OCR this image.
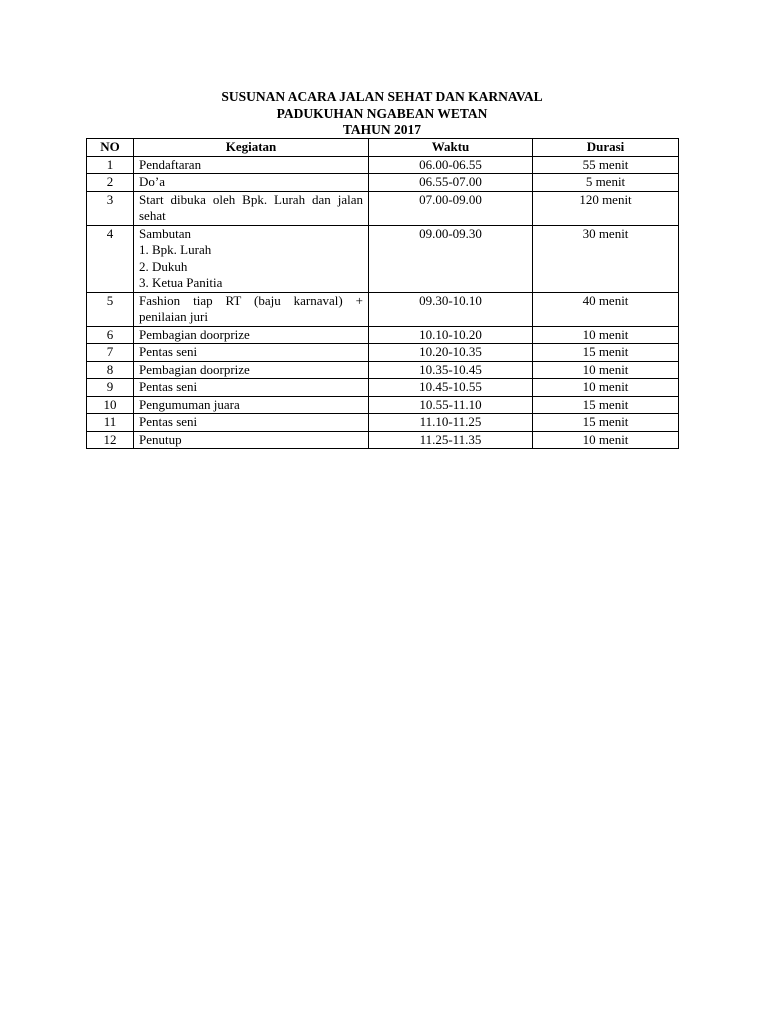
SUSUNAN ACARA JALAN SEHAT DAN KARNAVAL
PADUKUHAN NGABEAN WETAN
TAHUN 2017
NO	Kegiatan	Waktu	Durasi
1	Pendaftaran	06.00-06.55	55 menit
2	Do’a	06.55-07.00	5 menit
3	Start dibuka oleh Bpk. Lurah dan jalan sehat	07.00-09.00	120 menit
4	Sambutan
1. Bpk. Lurah
2. Dukuh
3. Ketua Panitia	09.00-09.30	30 menit
5	Fashion tiap RT (baju karnaval) + penilaian juri	09.30-10.10	40 menit
6	Pembagian doorprize	10.10-10.20	10 menit
7	Pentas seni	10.20-10.35	15 menit
8	Pembagian doorprize	10.35-10.45	10 menit
9	Pentas seni	10.45-10.55	10 menit
10	Pengumuman juara	10.55-11.10	15 menit
11	Pentas seni	11.10-11.25	15 menit
12	Penutup	11.25-11.35	10 menit
